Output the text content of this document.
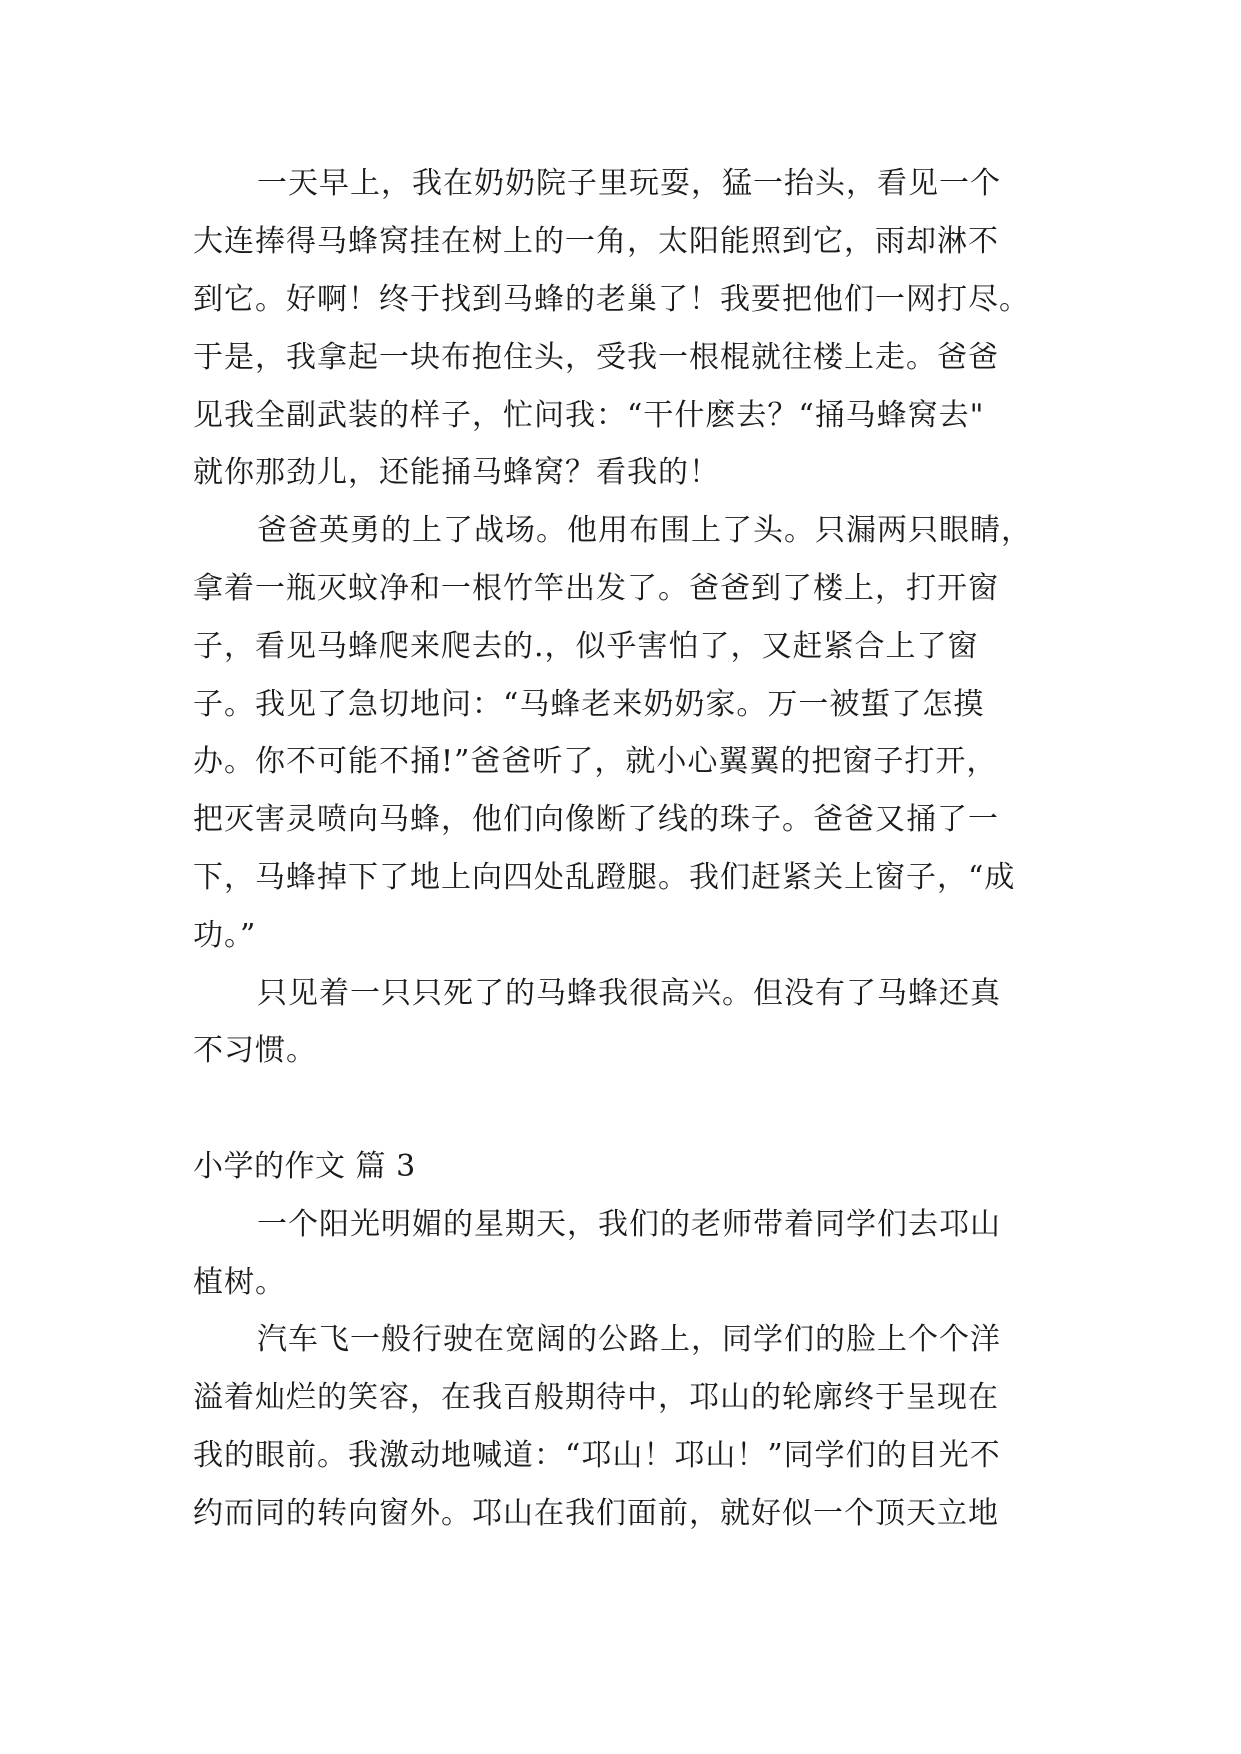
一天早上，我在奶奶院子里玩耍，猛一抬头，看见一个

大连捧得马蜂窝挂在树上的一角，太阳能照到它，雨却淋不

到它。好啊！终于找到马蜂的老巢了！我要把他们一网打尽。

于是，我拿起一块布抱住头，受我一根棍就往楼上走。爸爸

见我全副武装的样子，忙问我：“干什麽去？“捅马蜂窝去"

就你那劲儿，还能捅马蜂窝？看我的！

爸爸英勇的上了战场。他用布围上了头。只漏两只眼睛，

拿着一瓶灭蚊净和一根竹竿出发了。爸爸到了楼上，打开窗

子，看见马蜂爬来爬去的.，似乎害怕了，又赶紧合上了窗

子。我见了急切地问：“马蜂老来奶奶家。万一被蜇了怎摸

办。你不可能不捅!”爸爸听了，就小心翼翼的把窗子打开，

把灭害灵喷向马蜂，他们向像断了线的珠子。爸爸又捅了一

下，马蜂掉下了地上向四处乱蹬腿。我们赶紧关上窗子，“成

功。”

只见着一只只死了的马蜂我很高兴。但没有了马蜂还真

不习惯。

小学的作文 篇 3

一个阳光明媚的星期天，我们的老师带着同学们去邛山

植树。

汽车飞一般行驶在宽阔的公路上，同学们的脸上个个洋

溢着灿烂的笑容，在我百般期待中，邛山的轮廓终于呈现在

我的眼前。我激动地喊道：“邛山！邛山！”同学们的目光不

约而同的转向窗外。邛山在我们面前，就好似一个顶天立地
